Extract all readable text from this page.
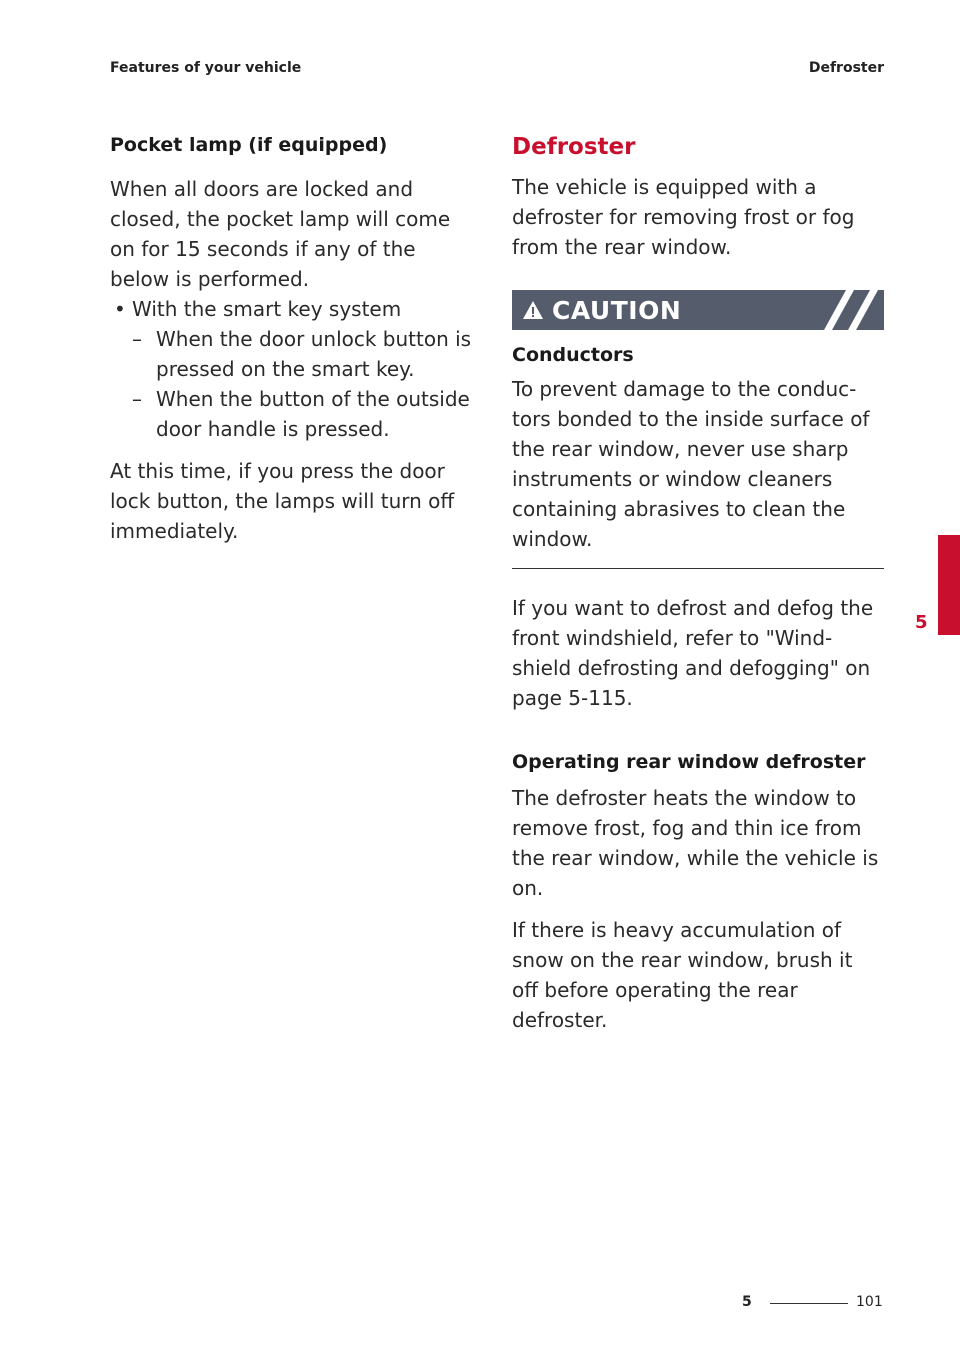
Features of your vehicle	Defroster
Pocket lamp (if equipped)

When all doors are locked and closed, the pocket lamp will come on for 15 seconds if any of the below is performed.

• With the smart key system
– When the door unlock button is pressed on the smart key.
– When the button of the outside door handle is pressed.

At this time, if you press the door lock button, the lamps will turn off immediately.

Defroster

The vehicle is equipped with a defroster for removing frost or fog from the rear window.

CAUTION
Conductors

To prevent damage to the conduc-tors bonded to the inside surface of the rear window, never use sharp instruments or window cleaners containing abrasives to clean the window.

If you want to defrost and defog the front windshield, refer to "Wind-shield defrosting and defogging" on page 5-115.

Operating rear window defroster

The defroster heats the window to remove frost, fog and thin ice from the rear window, while the vehicle is on.

If there is heavy accumulation of snow on the rear window, brush it off before operating the rear defroster.

5
5	101
